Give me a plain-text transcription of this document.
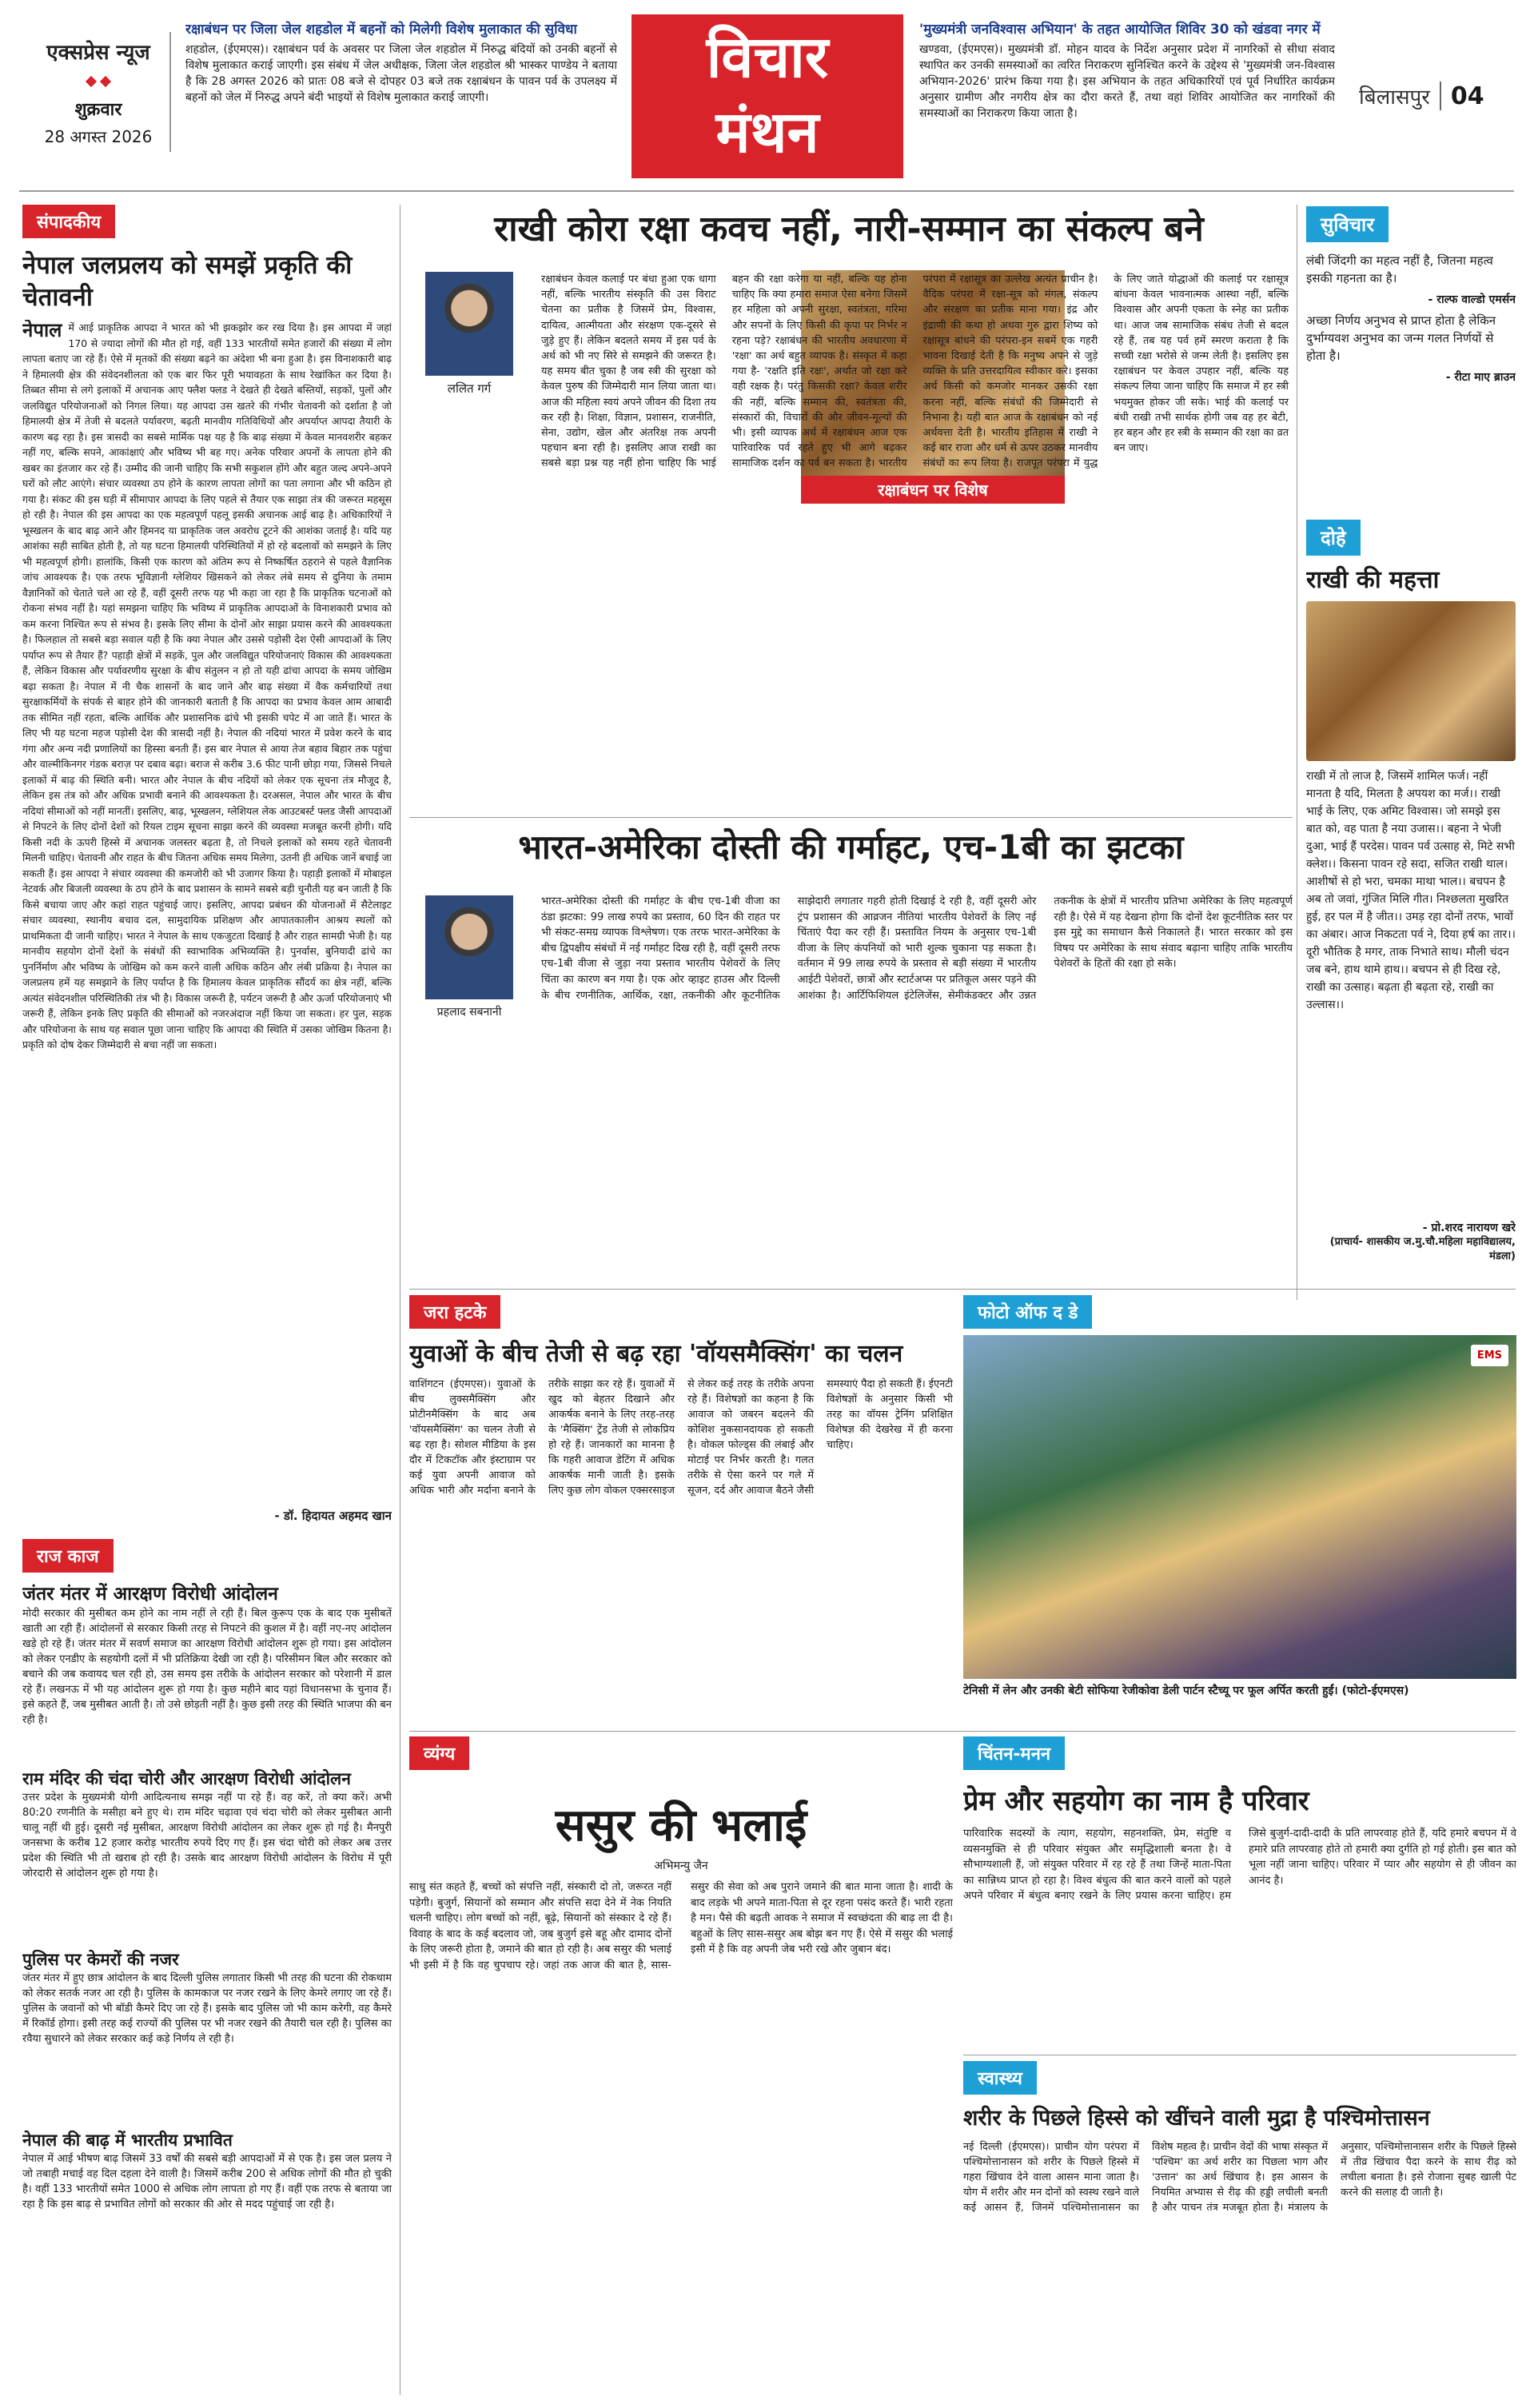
एक्सप्रेस न्यूज
शुक्रवार
28 अगस्त 2026
रक्षाबंधन पर जिला जेल शहडोल में बहनों को मिलेगी विशेष मुलाकात की सुविधा
शहडोल, (ईएमएस)। रक्षाबंधन पर्व के अवसर पर जिला जेल शहडोल में निरुद्ध बंदियों को उनकी बहनों से विशेष मुलाकात कराई जाएगी। इस संबंध में जेल अधीक्षक, जिला जेल शहडोल श्री भास्कर पाण्डेय ने बताया है कि 28 अगस्त 2026 को प्रातः 08 बजे से दोपहर 03 बजे तक रक्षाबंधन के पावन पर्व के उपलक्ष्य में बहनों को जेल में निरुद्ध अपने बंदी भाइयों से विशेष मुलाकात कराई जाएगी।
विचार
मंथन
'मुख्यमंत्री जनविश्वास अभियान' के तहत आयोजित शिविर 30 को खंडवा नगर में
खण्डवा, (ईएमएस)। मुख्यमंत्री डॉ. मोहन यादव के निर्देश अनुसार प्रदेश में नागरिकों से सीधा संवाद स्थापित कर उनकी समस्याओं का त्वरित निराकरण सुनिश्चित करने के उद्देश्य से 'मुख्यमंत्री जन-विश्वास अभियान-2026' प्रारंभ किया गया है। इस अभियान के तहत अधिकारियों एवं पूर्व निर्धारित कार्यक्रम अनुसार ग्रामीण और नगरीय क्षेत्र का दौरा करते हैं, तथा वहां शिविर आयोजित कर नागरिकों की समस्याओं का निराकरण किया जाता है।
बिलासपुर 04
संपादकीय
नेपाल जलप्रलय को समझें प्रकृति की चेतावनी
नेपाल में आई प्राकृतिक आपदा ने भारत को भी झकझोर कर रख दिया है। इस आपदा में जहां 170 से ज्यादा लोगों की मौत हो गई, वहीं 133 भारतीयों समेत हजारों की संख्या में लोग लापता बताए जा रहे हैं। ऐसे में मृतकों की संख्या बढ़ने का अंदेशा भी बना हुआ है। इस विनाशकारी बाढ़ ने हिमालयी क्षेत्र की संवेदनशीलता को एक बार फिर पूरी भयावहता के साथ रेखांकित कर दिया है। तिब्बत सीमा से लगे इलाकों में अचानक आए फ्लैश फ्लड ने देखते ही देखते बस्तियों, सड़कों, पुलों और जलविद्युत परियोजनाओं को निगल लिया। यह आपदा उस खतरे की गंभीर चेतावनी को दर्शाता है जो हिमालयी क्षेत्र में तेजी से बदलते पर्यावरण, बढ़ती मानवीय गतिविधियों और अपर्याप्त आपदा तैयारी के कारण बढ़ रहा है। इस त्रासदी का सबसे मार्मिक पक्ष यह है कि बाढ़ संख्या में केवल मानवशरीर बहकर नहीं गए, बल्कि सपने, आकांक्षाएं और भविष्य भी बह गए। अनेक परिवार अपनों के लापता होने की खबर का इंतजार कर रहे हैं। उम्मीद की जानी चाहिए कि सभी सकुशल होंगे और बहुत जल्द अपने-अपने घरों को लौट आएंगे। संचार व्यवस्था ठप होने के कारण लापता लोगों का पता लगाना और भी कठिन हो गया है। संकट की इस घड़ी में सीमापार आपदा के लिए पहले से तैयार एक साझा तंत्र की जरूरत महसूस हो रही है। नेपाल की इस आपदा का एक महत्वपूर्ण पहलू इसकी अचानक आई बाढ़ है। अधिकारियों ने भूस्खलन के बाद बाढ़ आने और हिमनद या प्राकृतिक जल अवरोध टूटने की आशंका जताई है। यदि यह आशंका सही साबित होती है, तो यह घटना हिमालयी परिस्थितियों में हो रहे बदलावों को समझने के लिए भी महत्वपूर्ण होगी। हालांकि, किसी एक कारण को अंतिम रूप से निष्कर्षित ठहराने से पहले वैज्ञानिक जांच आवश्यक है। एक तरफ भूविज्ञानी ग्लेशियर खिसकने को लेकर लंबे समय से दुनिया के तमाम वैज्ञानिकों को चेताते चले आ रहे हैं, वहीं दूसरी तरफ यह भी कहा जा रहा है कि प्राकृतिक घटनाओं को रोकना संभव नहीं है। यहां समझना चाहिए कि भविष्य में प्राकृतिक आपदाओं के विनाशकारी प्रभाव को कम करना निश्चित रूप से संभव है। इसके लिए सीमा के दोनों ओर साझा प्रयास करने की आवश्यकता है। फिलहाल तो सबसे बड़ा सवाल यही है कि क्या नेपाल और उससे पड़ोसी देश ऐसी आपदाओं के लिए पर्याप्त रूप से तैयार हैं? पहाड़ी क्षेत्रों में सड़कें, पुल और जलविद्युत परियोजनाएं विकास की आवश्यकता हैं, लेकिन विकास और पर्यावरणीय सुरक्षा के बीच संतुलन न हो तो यही ढांचा आपदा के समय जोखिम बढ़ा सकता है। नेपाल में नी चैक शासनों के बाद जाने और बाढ़ संख्या में वैक कर्मचारियों तथा सुरक्षाकर्मियों के संपर्क से बाहर होने की जानकारी बताती है कि आपदा का प्रभाव केवल आम आबादी तक सीमित नहीं रहता, बल्कि आर्थिक और प्रशासनिक ढांचे भी इसकी चपेट में आ जाते हैं। भारत के लिए भी यह घटना महज पड़ोसी देश की त्रासदी नहीं है। नेपाल की नदियां भारत में प्रवेश करने के बाद गंगा और अन्य नदी प्रणालियों का हिस्सा बनती हैं। इस बार नेपाल से आया तेज बहाव बिहार तक पहुंचा और वाल्मीकिनगर गंडक बराज़ पर दबाव बढ़ा। बराज से करीब 3.6 फीट पानी छोड़ा गया, जिससे निचले इलाकों में बाढ़ की स्थिति बनी। भारत और नेपाल के बीच नदियों को लेकर एक सूचना तंत्र मौजूद है, लेकिन इस तंत्र को और अधिक प्रभावी बनाने की आवश्यकता है। दरअसल, नेपाल और भारत के बीच नदियां सीमाओं को नहीं मानतीं। इसलिए, बाढ़, भूस्खलन, ग्लेशियल लेक आउटबर्स्ट फ्लड जैसी आपदाओं से निपटने के लिए दोनों देशों को रियल टाइम सूचना साझा करने की व्यवस्था मजबूत करनी होगी। यदि किसी नदी के ऊपरी हिस्से में अचानक जलस्तर बढ़ता है, तो निचले इलाकों को समय रहते चेतावनी मिलनी चाहिए। चेतावनी और राहत के बीच जितना अधिक समय मिलेगा, उतनी ही अधिक जानें बचाई जा सकती हैं। इस आपदा ने संचार व्यवस्था की कमजोरी को भी उजागर किया है। पहाड़ी इलाकों में मोबाइल नेटवर्क और बिजली व्यवस्था के ठप होने के बाद प्रशासन के सामने सबसे बड़ी चुनौती यह बन जाती है कि किसे बचाया जाए और कहां राहत पहुंचाई जाए। इसलिए, आपदा प्रबंधन की योजनाओं में सैटेलाइट संचार व्यवस्था, स्थानीय बचाव दल, सामुदायिक प्रशिक्षण और आपातकालीन आश्रय स्थलों को प्राथमिकता दी जानी चाहिए। भारत ने नेपाल के साथ एकजुटता दिखाई है और राहत सामग्री भेजी है। यह मानवीय सहयोग दोनों देशों के संबंधों की स्वाभाविक अभिव्यक्ति है। पुनर्वास, बुनियादी ढांचे का पुनर्निर्माण और भविष्य के जोखिम को कम करने वाली अधिक कठिन और लंबी प्रक्रिया है। नेपाल का जलप्रलय हमें यह समझाने के लिए पर्याप्त है कि हिमालय केवल प्राकृतिक सौंदर्य का क्षेत्र नहीं, बल्कि अत्यंत संवेदनशील परिस्थितिकी तंत्र भी है। विकास जरूरी है, पर्यटन जरूरी है और ऊर्जा परियोजनाएं भी जरूरी हैं, लेकिन इनके लिए प्रकृति की सीमाओं को नजरअंदाज नहीं किया जा सकता। हर पुल, सड़क और परियोजना के साथ यह सवाल पूछा जाना चाहिए कि आपदा की स्थिति में उसका जोखिम कितना है। प्रकृति को दोष देकर जिम्मेदारी से बचा नहीं जा सकता।
- डॉ. हिदायत अहमद खान
राज काज
जंतर मंतर में आरक्षण विरोधी आंदोलन
मोदी सरकार की मुसीबत कम होने का नाम नहीं ले रही हैं। बिल कुरूप एक के बाद एक मुसीबतें खाती आ रही हैं। आंदोलनों से सरकार किसी तरह से निपटने की कुशल में है। वहीं नए-नए आंदोलन खड़े हो रहे हैं। जंतर मंतर में सवर्ण समाज का आरक्षण विरोधी आंदोलन शुरू हो गया। इस आंदोलन को लेकर एनडीए के सहयोगी दलों में भी प्रतिक्रिया देखी जा रही है। परिसीमन बिल और सरकार को बचाने की जब कवायद चल रही हो, उस समय इस तरीके के आंदोलन सरकार को परेशानी में डाल रहे हैं। लखनऊ में भी यह आंदोलन शुरू हो गया है। कुछ महीने बाद यहां विधानसभा के चुनाव हैं। इसे कहते हैं, जब मुसीबत आती है। तो उसे छोड़ती नहीं है। कुछ इसी तरह की स्थिति भाजपा की बन रही है।
राम मंदिर की चंदा चोरी और आरक्षण विरोधी आंदोलन
उत्तर प्रदेश के मुख्यमंत्री योगी आदित्यनाथ समझ नहीं पा रहे हैं। वह करें, तो क्या करें। अभी 80:20 रणनीति के मसीहा बने हुए थे। राम मंदिर चढ़ावा एवं चंदा चोरी को लेकर मुसीबत आनी चालू नहीं थी हुई। दूसरी नई मुसीबत, आरक्षण विरोधी आंदोलन का लेकर शुरू हो गई है। मैनपुरी जनसभा के करीब 12 हजार करोड़ भारतीय रुपये दिए गए हैं। इस चंदा चोरी को लेकर अब उत्तर प्रदेश की स्थिति भी तो खराब हो रही है। उसके बाद आरक्षण विरोधी आंदोलन के विरोध में पूरी जोरदारी से आंदोलन शुरू हो गया है।
पुलिस पर केमरों की नजर
जंतर मंतर में हुए छात्र आंदोलन के बाद दिल्ली पुलिस लगातार किसी भी तरह की घटना की रोकथाम को लेकर सतर्क नजर आ रही है। पुलिस के कामकाज पर नजर रखने के लिए केमरे लगाए जा रहे हैं। पुलिस के जवानों को भी बॉडी कैमरे दिए जा रहे हैं। इसके बाद पुलिस जो भी काम करेगी, वह कैमरे में रिकॉर्ड होगा। इसी तरह कई राज्यों की पुलिस पर भी नजर रखने की तैयारी चल रही है। पुलिस का रवैया सुधारने को लेकर सरकार कई कड़े निर्णय ले रही है।
नेपाल की बाढ़ में भारतीय प्रभावित
नेपाल में आई भीषण बाढ़ जिसमें 33 वर्षों की सबसे बड़ी आपदाओं में से एक है। इस जल प्रलय ने जो तबाही मचाई वह दिल दहला देने वाली है। जिसमें करीब 200 से अधिक लोगों की मौत हो चुकी है। वहीं 133 भारतीयों समेत 1000 से अधिक लोग लापता हो गए हैं। वहीं एक तरफ से बताया जा रहा है कि इस बाढ़ से प्रभावित लोगों को सरकार की ओर से मदद पहुंचाई जा रही है।
राखी कोरा रक्षा कवच नहीं, नारी-सम्मान का संकल्प बने
ललित गर्ग
रक्षाबंधन पर विशेष
रक्षाबंधन केवल कलाई पर बंधा हुआ एक धागा नहीं, बल्कि भारतीय संस्कृति की उस विराट चेतना का प्रतीक है जिसमें प्रेम, विश्वास, दायित्व, आत्मीयता और संरक्षण एक-दूसरे से जुड़े हुए हैं। लेकिन बदलते समय में इस पर्व के अर्थ को भी नए सिरे से समझने की जरूरत है। यह समय बीत चुका है जब स्त्री की सुरक्षा को केवल पुरुष की जिम्मेदारी मान लिया जाता था। आज की महिला स्वयं अपने जीवन की दिशा तय कर रही है। शिक्षा, विज्ञान, प्रशासन, राजनीति, सेना, उद्योग, खेल और अंतरिक्ष तक अपनी पहचान बना रही है। इसलिए आज राखी का सबसे बड़ा प्रश्न यह नहीं होना चाहिए कि भाई बहन की रक्षा करेगा या नहीं, बल्कि यह होना चाहिए कि क्या हमारा समाज ऐसा बनेगा जिसमें हर महिला को अपनी सुरक्षा, स्वतंत्रता, गरिमा और सपनों के लिए किसी की कृपा पर निर्भर न रहना पड़े? रक्षाबंधन की भारतीय अवधारणा में 'रक्षा' का अर्थ बहुत व्यापक है। संस्कृत में कहा गया है- 'रक्षति इति रक्षः', अर्थात जो रक्षा करे वही रक्षक है। परंतु किसकी रक्षा? केवल शरीर की नहीं, बल्कि सम्मान की, स्वतंत्रता की, संस्कारों की, विचारों की और जीवन-मूल्यों की भी। इसी व्यापक अर्थ में रक्षाबंधन आज एक पारिवारिक पर्व रहते हुए भी आगे बढ़कर सामाजिक दर्शन का पर्व बन सकता है। भारतीय परंपरा में रक्षासूत्र का उल्लेख अत्यंत प्राचीन है। वैदिक परंपरा में रक्षा-सूत्र को मंगल, संकल्प और संरक्षण का प्रतीक माना गया। इंद्र और इंद्राणी की कथा हो अथवा गुरु द्वारा शिष्य को रक्षासूत्र बांधने की परंपरा-इन सबमें एक गहरी भावना दिखाई देती है कि मनुष्य अपने से जुड़े व्यक्ति के प्रति उत्तरदायित्व स्वीकार करे। इसका अर्थ किसी को कमजोर मानकर उसकी रक्षा करना नहीं, बल्कि संबंधों की जिम्मेदारी से निभाना है। यही बात आज के रक्षाबंधन को नई अर्थवत्ता देती है। भारतीय इतिहास में राखी ने कई बार राजा और धर्म से ऊपर उठकर मानवीय संबंधों का रूप लिया है। राजपूत परंपरा में युद्ध के लिए जाते योद्धाओं की कलाई पर रक्षासूत्र बांधना केवल भावनात्मक आस्था नहीं, बल्कि विश्वास और अपनी एकता के स्नेह का प्रतीक था। आज जब सामाजिक संबंध तेजी से बदल रहे हैं, तब यह पर्व हमें स्मरण कराता है कि सच्ची रक्षा भरोसे से जन्म लेती है। इसलिए इस रक्षाबंधन पर केवल उपहार नहीं, बल्कि यह संकल्प लिया जाना चाहिए कि समाज में हर स्त्री भयमुक्त होकर जी सके। भाई की कलाई पर बंधी राखी तभी सार्थक होगी जब वह हर बेटी, हर बहन और हर स्त्री के सम्मान की रक्षा का व्रत बन जाए।
सुविचार
लंबी जिंदगी का महत्व नहीं है, जितना महत्व इसकी गहनता का है।
- राल्फ वाल्डो एमर्सन
अच्छा निर्णय अनुभव से प्राप्त होता है लेकिन दुर्भाग्यवश अनुभव का जन्म गलत निर्णयों से होता है।
- रीटा माए ब्राउन
दोहे
राखी की महत्ता
राखी में तो लाज है, जिसमें शामिल फर्ज। नहीं मानता है यदि, मिलता है अपयश का मर्ज।। राखी भाई के लिए, एक अमिट विश्वास। जो समझे इस बात को, वह पाता है नया उजास।। बहना ने भेजी दुआ, भाई हैं परदेस। पावन पर्व उत्साह से, मिटे सभी क्लेश।। किसना पावन रहे सदा, सजित राखी थाल। आशीषों से हो भरा, चमका माथा भाल।। बचपन है अब तो जवां, गुंजित मिलि गीत। निश्छलता मुखरित हुई, हर पल में है जीत।। उमड़ रहा दोनों तरफ, भावों का अंबार। आज निकटता पर्व ने, दिया हर्ष का तार।। दूरी भौतिक है मगर, ताक निभाते साथ। मौली चंदन जब बने, हाथ थामे हाथ।। बचपन से ही दिख रहे, राखी का उत्साह। बढ़ता ही बढ़ता रहे, राखी का उल्लास।।
- प्रो.शरद नारायण खरे
(प्राचार्य- शासकीय ज.मु.चौ.महिला महाविद्यालय, मंडला)
भारत-अमेरिका दोस्ती की गर्माहट, एच-1बी का झटका
प्रहलाद सबनानी
भारत-अमेरिका दोस्ती की गर्माहट के बीच एच-1बी वीजा का ठंडा झटका: 99 लाख रुपये का प्रस्ताव, 60 दिन की राहत पर भी संकट-समग्र व्यापक विश्लेषण। एक तरफ भारत-अमेरिका के बीच द्विपक्षीय संबंधों में नई गर्माहट दिख रही है, वहीं दूसरी तरफ एच-1बी वीजा से जुड़ा नया प्रस्ताव भारतीय पेशेवरों के लिए चिंता का कारण बन गया है। एक ओर व्हाइट हाउस और दिल्ली के बीच रणनीतिक, आर्थिक, रक्षा, तकनीकी और कूटनीतिक साझेदारी लगातार गहरी होती दिखाई दे रही है, वहीं दूसरी ओर ट्रंप प्रशासन की आव्रजन नीतियां भारतीय पेशेवरों के लिए नई चिंताएं पैदा कर रही हैं। प्रस्तावित नियम के अनुसार एच-1बी वीजा के लिए कंपनियों को भारी शुल्क चुकाना पड़ सकता है। वर्तमान में 99 लाख रुपये के प्रस्ताव से बड़ी संख्या में भारतीय आईटी पेशेवरों, छात्रों और स्टार्टअप्स पर प्रतिकूल असर पड़ने की आशंका है। आर्टिफिशियल इंटेलिजेंस, सेमीकंडक्टर और उन्नत तकनीक के क्षेत्रों में भारतीय प्रतिभा अमेरिका के लिए महत्वपूर्ण रही है। ऐसे में यह देखना होगा कि दोनों देश कूटनीतिक स्तर पर इस मुद्दे का समाधान कैसे निकालते हैं। भारत सरकार को इस विषय पर अमेरिका के साथ संवाद बढ़ाना चाहिए ताकि भारतीय पेशेवरों के हितों की रक्षा हो सके।
जरा हटके
युवाओं के बीच तेजी से बढ़ रहा 'वॉयसमैक्सिंग' का चलन
वाशिंगटन (ईएमएस)। युवाओं के बीच लुक्समैक्सिंग और प्रोटीनमैक्सिंग के बाद अब 'वॉयसमैक्सिंग' का चलन तेजी से बढ़ रहा है। सोशल मीडिया के इस दौर में टिकटॉक और इंस्टाग्राम पर कई युवा अपनी आवाज को अधिक भारी और मर्दाना बनाने के तरीके साझा कर रहे हैं। युवाओं में खुद को बेहतर दिखाने और आकर्षक बनाने के लिए तरह-तरह के 'मैक्सिंग' ट्रेंड तेजी से लोकप्रिय हो रहे हैं। जानकारों का मानना है कि गहरी आवाज डेटिंग में अधिक आकर्षक मानी जाती है। इसके लिए कुछ लोग वोकल एक्सरसाइज से लेकर कई तरह के तरीके अपना रहे हैं। विशेषज्ञों का कहना है कि आवाज को जबरन बदलने की कोशिश नुकसानदायक हो सकती है। वोकल फोल्ड्स की लंबाई और मोटाई पर निर्भर करती है। गलत तरीके से ऐसा करने पर गले में सूजन, दर्द और आवाज बैठने जैसी समस्याएं पैदा हो सकती हैं। ईएनटी विशेषज्ञों के अनुसार किसी भी तरह का वॉयस ट्रेनिंग प्रशिक्षित विशेषज्ञ की देखरेख में ही करना चाहिए।
फोटो ऑफ द डे
EMS
टेनिसी में लेन और उनकी बेटी सोफिया रेजीकोवा डेली पार्टन स्टैच्यू पर फूल अर्पित करती हुईं। (फोटो-ईएमएस)
व्यंग्य
ससुर की भलाई
अभिमन्यु जैन
साधु संत कहते हैं, बच्चों को संपत्ति नहीं, संस्कारी दो तो, जरूरत नहीं पड़ेगी। बुजुर्ग, सियानों को सम्मान और संपत्ति सदा देने में नेक नियति चलनी चाहिए। लोग बच्चों को नहीं, बूढ़े, सियानों को संस्कार दे रहे हैं। विवाह के बाद के कई बदलाव जो, जब बुजुर्ग इसे बहू और दामाद दोनों के लिए जरूरी होता है, जमाने की बात हो रही है। अब ससुर की भलाई भी इसी में है कि वह चुपचाप रहे। जहां तक आज की बात है, सास-ससुर की सेवा को अब पुराने जमाने की बात माना जाता है। शादी के बाद लड़के भी अपने माता-पिता से दूर रहना पसंद करते हैं। भारी रहता है मन। पैसे की बढ़ती आवक ने समाज में स्वच्छंदता की बाढ़ ला दी है। बहुओं के लिए सास-ससुर अब बोझ बन गए हैं। ऐसे में ससुर की भलाई इसी में है कि वह अपनी जेब भरी रखे और जुबान बंद।
चिंतन-मनन
प्रेम और सहयोग का नाम है परिवार
पारिवारिक सदस्यों के त्याग, सहयोग, सहनशक्ति, प्रेम, संतुष्टि व व्यसनमुक्ति से ही परिवार संयुक्त और समृद्धिशाली बनता है। वे सौभाग्यशाली हैं, जो संयुक्त परिवार में रह रहे हैं तथा जिन्हें माता-पिता का सान्निध्य प्राप्त हो रहा है। विश्व बंधुत्व की बात करने वालों को पहले अपने परिवार में बंधुत्व बनाए रखने के लिए प्रयास करना चाहिए। हम जिसे बुजुर्ग-दादी-दादी के प्रति लापरवाह होते हैं, यदि हमारे बचपन में वे हमारे प्रति लापरवाह होते तो हमारी क्या दुर्गति हो गई होती। इस बात को भूला नहीं जाना चाहिए। परिवार में प्यार और सहयोग से ही जीवन का आनंद है।
स्वास्थ्य
शरीर के पिछले हिस्से को खींचने वाली मुद्रा है पश्चिमोत्तासन
नई दिल्ली (ईएमएस)। प्राचीन योग परंपरा में पश्चिमोत्तानासन को शरीर के पिछले हिस्से में गहरा खिंचाव देने वाला आसन माना जाता है। योग में शरीर और मन दोनों को स्वस्थ रखने वाले कई आसन हैं, जिनमें पश्चिमोत्तानासन का विशेष महत्व है। प्राचीन वेदों की भाषा संस्कृत में 'पश्चिम' का अर्थ शरीर का पिछला भाग और 'उत्तान' का अर्थ खिंचाव है। इस आसन के नियमित अभ्यास से रीढ़ की हड्डी लचीली बनती है और पाचन तंत्र मजबूत होता है। मंत्रालय के अनुसार, पश्चिमोत्तानासन शरीर के पिछले हिस्से में तीव्र खिंचाव पैदा करने के साथ रीढ़ को लचीला बनाता है। इसे रोजाना सुबह खाली पेट करने की सलाह दी जाती है।
